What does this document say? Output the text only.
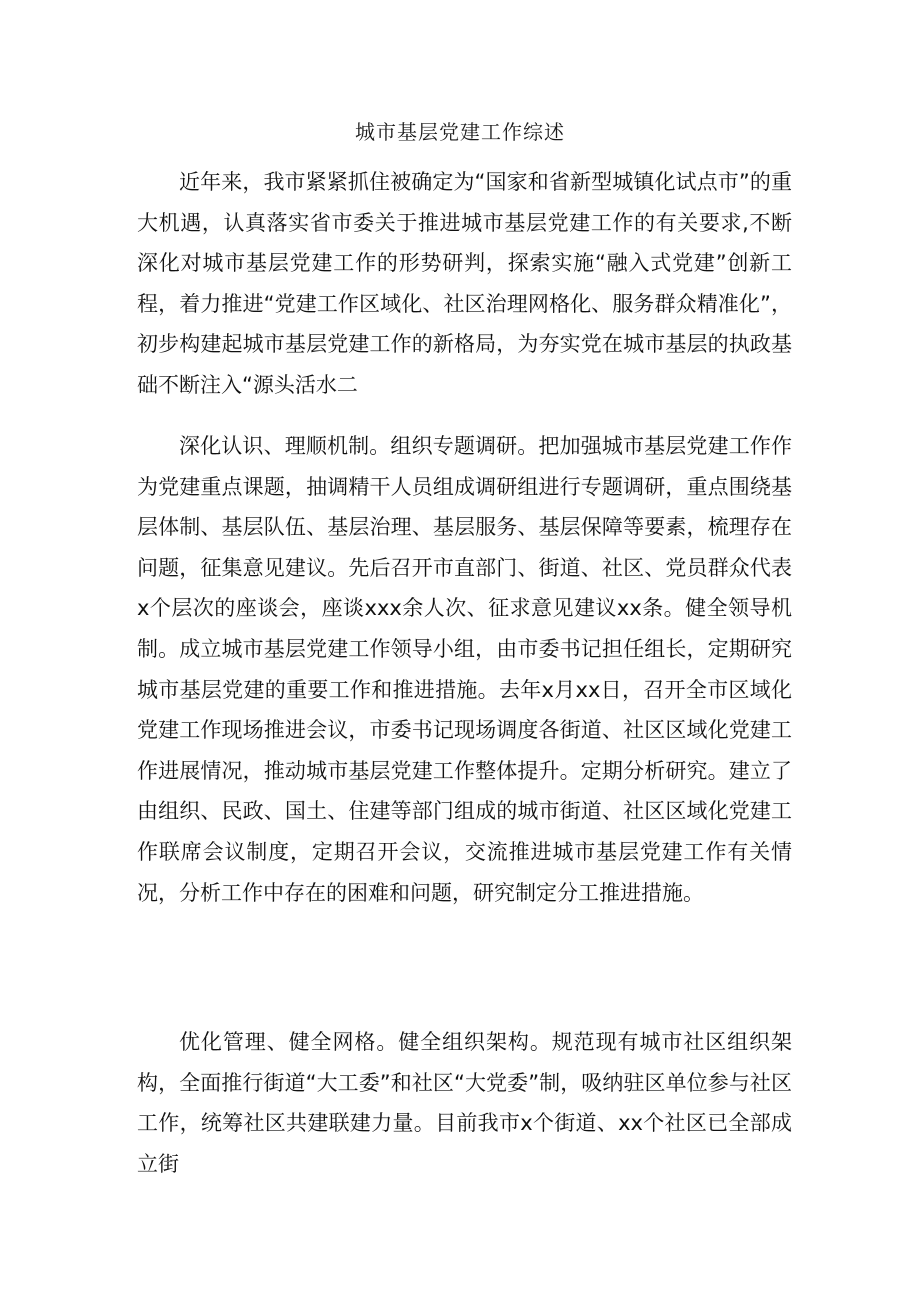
城市基层党建工作综述

近年来，我市紧紧抓住被确定为“国家和省新型城镇化试点市”的重大机遇，认真落实省市委关于推进城市基层党建工作的有关要求,不断深化对城市基层党建工作的形势研判，探索实施“融入式党建”创新工程，着力推进“党建工作区域化、社区治理网格化、服务群众精准化”，初步构建起城市基层党建工作的新格局，为夯实党在城市基层的执政基础不断注入“源头活水二

深化认识、理顺机制。组织专题调研。把加强城市基层党建工作作为党建重点课题，抽调精干人员组成调研组进行专题调研，重点围绕基层体制、基层队伍、基层治理、基层服务、基层保障等要素，梳理存在问题，征集意见建议。先后召开市直部门、街道、社区、党员群众代表x个层次的座谈会，座谈xxx余人次、征求意见建议xx条。健全领导机制。成立城市基层党建工作领导小组，由市委书记担任组长，定期研究城市基层党建的重要工作和推进措施。去年x月xx日，召开全市区域化党建工作现场推进会议，市委书记现场调度各街道、社区区域化党建工作进展情况，推动城市基层党建工作整体提升。定期分析研究。建立了由组织、民政、国土、住建等部门组成的城市街道、社区区域化党建工作联席会议制度，定期召开会议，交流推进城市基层党建工作有关情况，分析工作中存在的困难和问题，研究制定分工推进措施。

优化管理、健全网格。健全组织架构。规范现有城市社区组织架构，全面推行街道“大工委”和社区“大党委”制，吸纳驻区单位参与社区工作，统筹社区共建联建力量。目前我市x个街道、xx个社区已全部成立街
